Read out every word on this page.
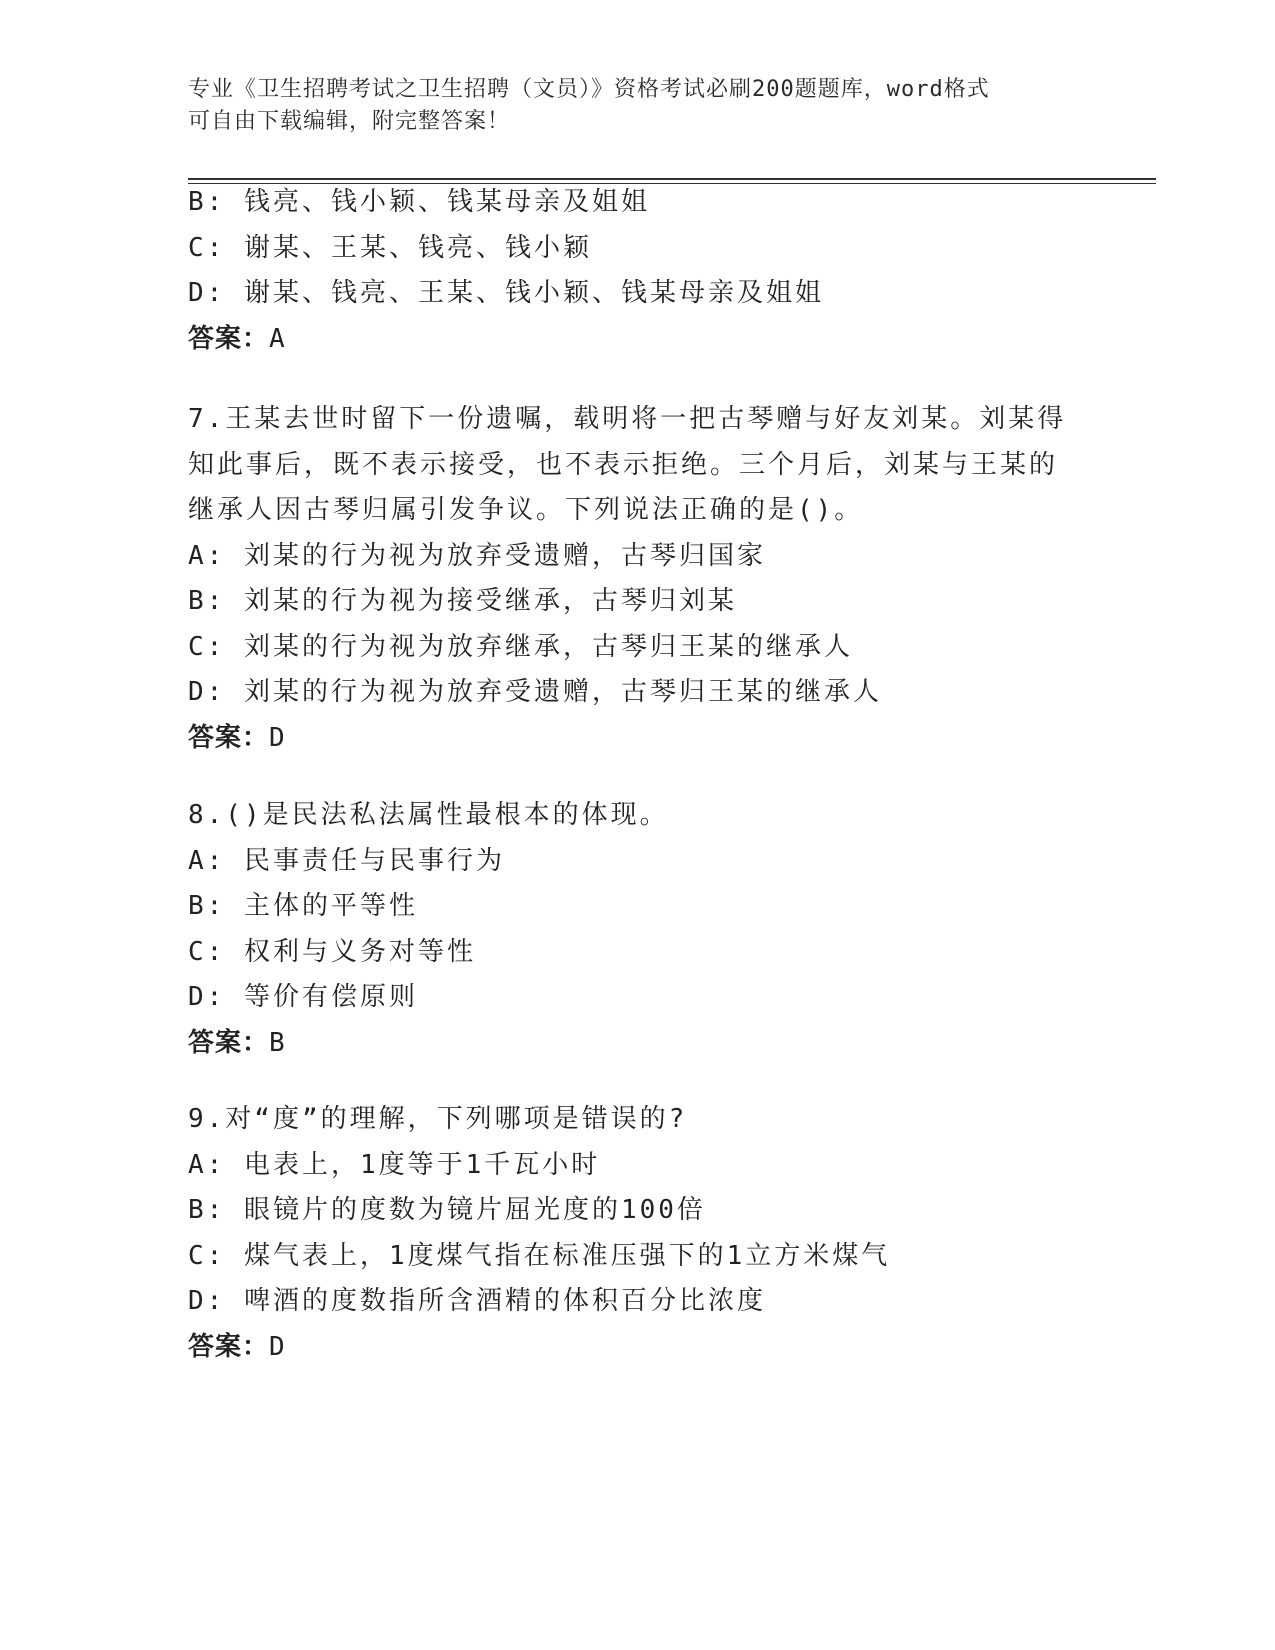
专业《卫生招聘考试之卫生招聘（文员）》资格考试必刷200题题库，word格式
可自由下载编辑，附完整答案！
B: 钱亮、钱小颖、钱某母亲及姐姐
C: 谢某、王某、钱亮、钱小颖
D: 谢某、钱亮、王某、钱小颖、钱某母亲及姐姐
答案：A
7.王某去世时留下一份遗嘱，载明将一把古琴赠与好友刘某。刘某得
知此事后，既不表示接受，也不表示拒绝。三个月后，刘某与王某的
继承人因古琴归属引发争议。下列说法正确的是()。
A: 刘某的行为视为放弃受遗赠，古琴归国家
B: 刘某的行为视为接受继承，古琴归刘某
C: 刘某的行为视为放弃继承，古琴归王某的继承人
D: 刘某的行为视为放弃受遗赠，古琴归王某的继承人
答案：D
8.()是民法私法属性最根本的体现。
A: 民事责任与民事行为
B: 主体的平等性
C: 权利与义务对等性
D: 等价有偿原则
答案：B
9.对“度”的理解，下列哪项是错误的?
A: 电表上，1度等于1千瓦小时
B: 眼镜片的度数为镜片屈光度的100倍
C: 煤气表上，1度煤气指在标准压强下的1立方米煤气
D: 啤酒的度数指所含酒精的体积百分比浓度
答案：D
